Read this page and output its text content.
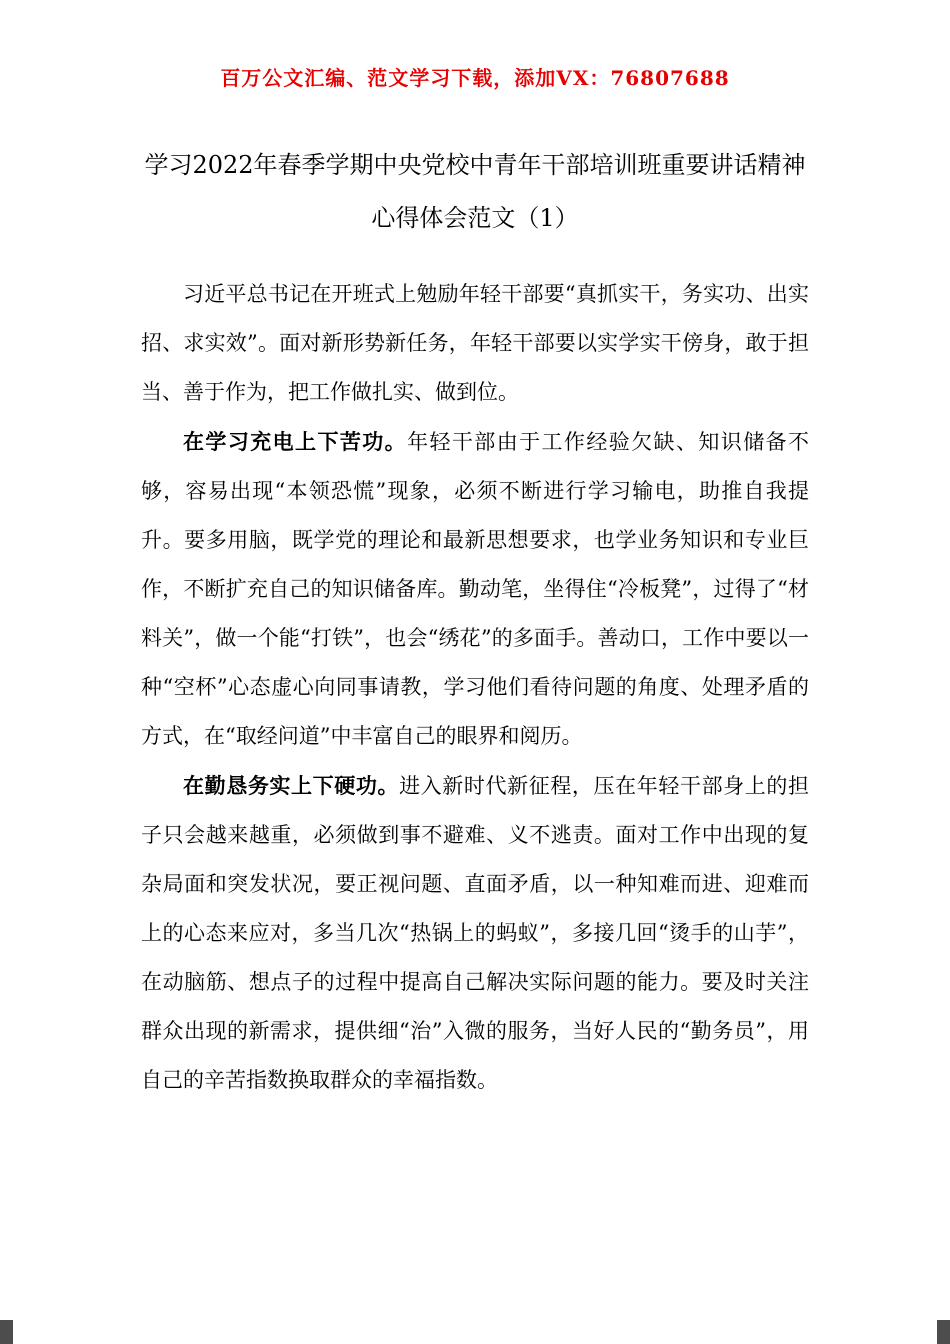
百万公文汇编、范文学习下载，添加VX：76807688
学习2022年春季学期中央党校中青年干部培训班重要讲话精神心得体会范文（1）

习近平总书记在开班式上勉励年轻干部要“真抓实干，务实功、出实招、求实效”。面对新形势新任务，年轻干部要以实学实干傍身，敢于担当、善于作为，把工作做扎实、做到位。

在学习充电上下苦功。年轻干部由于工作经验欠缺、知识储备不够，容易出现“本领恐慌”现象，必须不断进行学习输电，助推自我提升。要多用脑，既学党的理论和最新思想要求，也学业务知识和专业巨作，不断扩充自己的知识储备库。勤动笔，坐得住“冷板凳”，过得了“材料关”，做一个能“打铁”，也会“绣花”的多面手。善动口，工作中要以一种“空杯”心态虚心向同事请教，学习他们看待问题的角度、处理矛盾的方式，在“取经问道”中丰富自己的眼界和阅历。

在勤恳务实上下硬功。进入新时代新征程，压在年轻干部身上的担子只会越来越重，必须做到事不避难、义不逃责。面对工作中出现的复杂局面和突发状况，要正视问题、直面矛盾，以一种知难而进、迎难而上的心态来应对，多当几次“热锅上的蚂蚁”，多接几回“烫手的山芋”，在动脑筋、想点子的过程中提高自己解决实际问题的能力。要及时关注群众出现的新需求，提供细“治”入微的服务，当好人民的“勤务员”，用自己的辛苦指数换取群众的幸福指数。
